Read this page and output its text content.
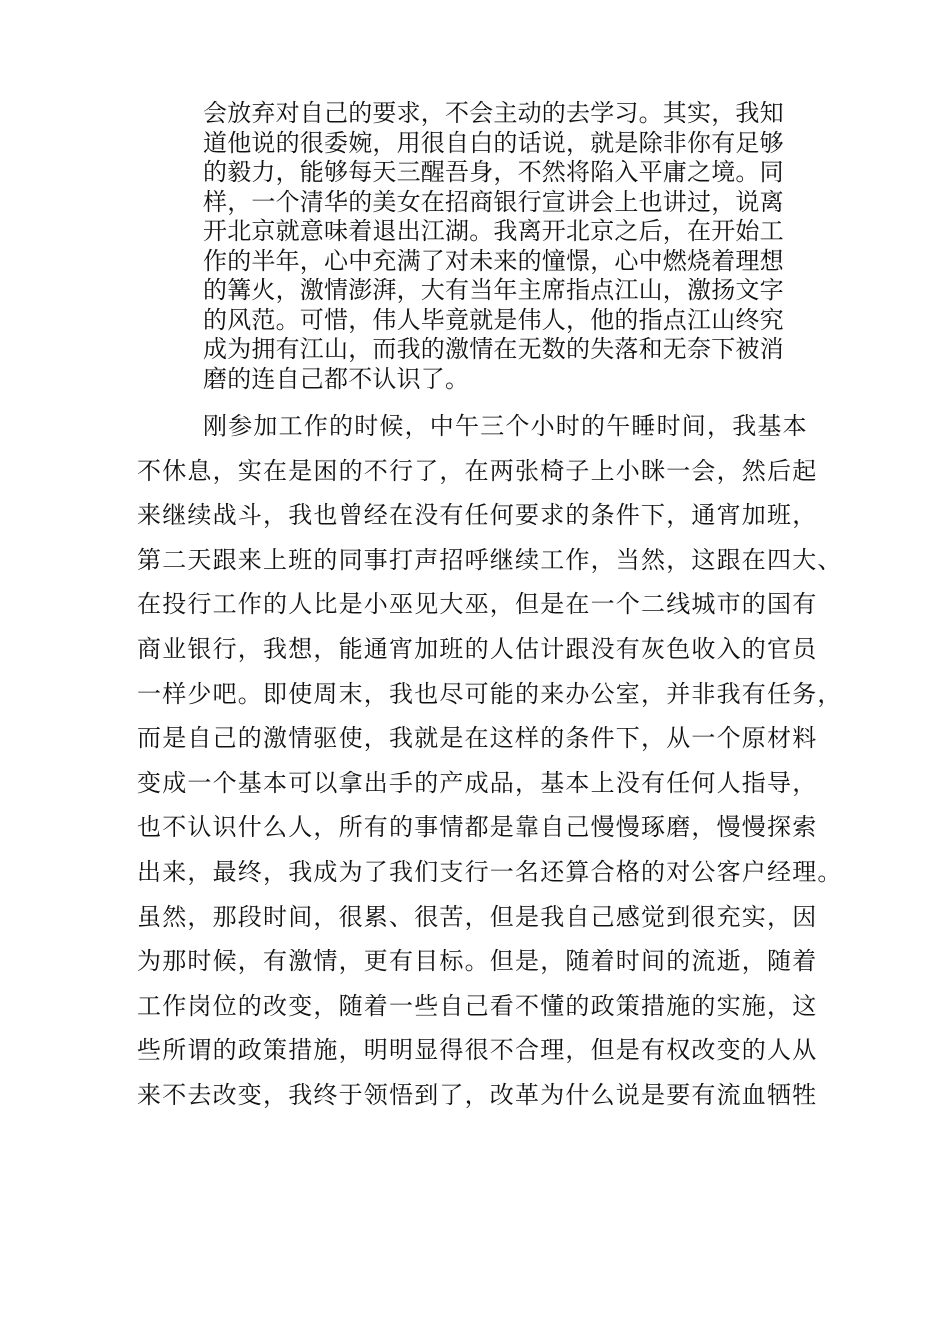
会放弃对自己的要求，不会主动的去学习。其实，我知
道他说的很委婉，用很自白的话说，就是除非你有足够
的毅力，能够每天三醒吾身，不然将陷入平庸之境。同
样，一个清华的美女在招商银行宣讲会上也讲过，说离
开北京就意味着退出江湖。我离开北京之后，在开始工
作的半年，心中充满了对未来的憧憬，心中燃烧着理想
的篝火，激情澎湃，大有当年主席指点江山，激扬文字
的风范。可惜，伟人毕竟就是伟人，他的指点江山终究
成为拥有江山，而我的激情在无数的失落和无奈下被消
磨的连自己都不认识了。
刚参加工作的时候，中午三个小时的午睡时间，我基本
不休息，实在是困的不行了，在两张椅子上小眯一会，然后起
来继续战斗，我也曾经在没有任何要求的条件下，通宵加班，
第二天跟来上班的同事打声招呼继续工作，当然，这跟在四大、
在投行工作的人比是小巫见大巫，但是在一个二线城市的国有
商业银行，我想，能通宵加班的人估计跟没有灰色收入的官员
一样少吧。即使周末，我也尽可能的来办公室，并非我有任务，
而是自己的激情驱使，我就是在这样的条件下，从一个原材料
变成一个基本可以拿出手的产成品，基本上没有任何人指导，
也不认识什么人，所有的事情都是靠自己慢慢琢磨，慢慢探索
出来，最终，我成为了我们支行一名还算合格的对公客户经理。
虽然，那段时间，很累、很苦，但是我自己感觉到很充实，因
为那时候，有激情，更有目标。但是，随着时间的流逝，随着
工作岗位的改变，随着一些自己看不懂的政策措施的实施，这
些所谓的政策措施，明明显得很不合理，但是有权改变的人从
来不去改变，我终于领悟到了，改革为什么说是要有流血牺牲
